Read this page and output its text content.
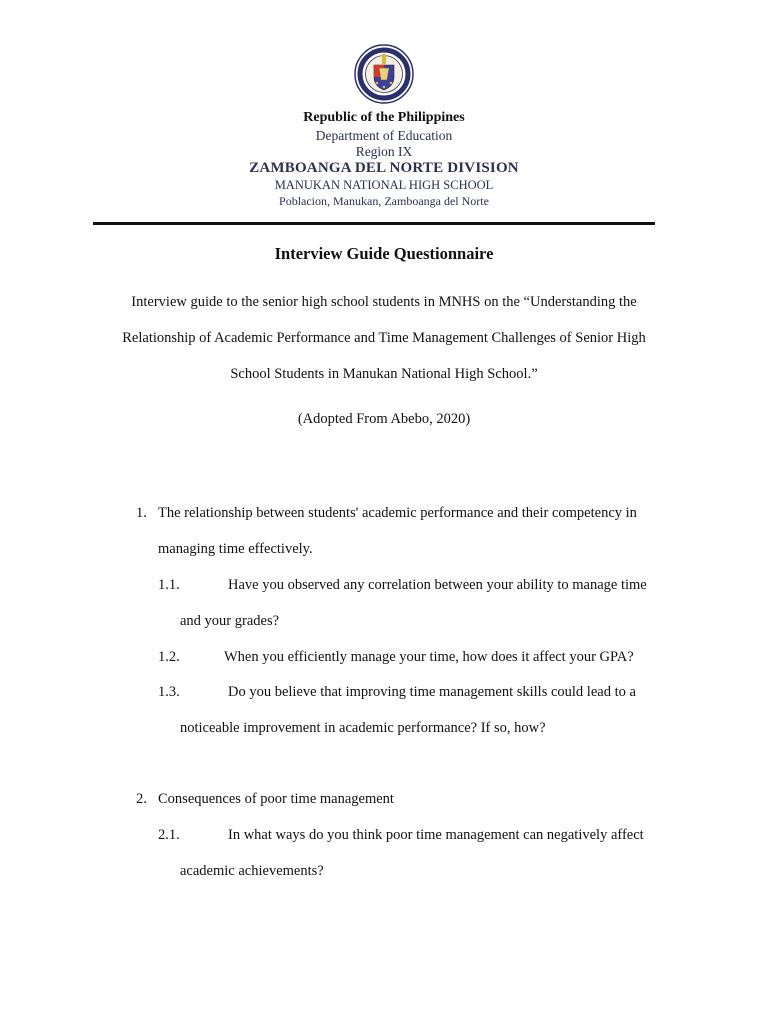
Republic of the Philippines
Department of Education
Region IX
ZAMBOANGA DEL NORTE DIVISION
MANUKAN NATIONAL HIGH SCHOOL
Poblacion, Manukan, Zamboanga del Norte
Interview Guide Questionnaire
Interview guide to the senior high school students in MNHS on the “Understanding the
Relationship of Academic Performance and Time Management Challenges of Senior High
School Students in Manukan National High School.”
(Adopted From Abebo, 2020)
1. The relationship between students' academic performance and their competency in
managing time effectively.
1.1.	Have you observed any correlation between your ability to manage time
and your grades?
1.2.	When you efficiently manage your time, how does it affect your GPA?
1.3.	Do you believe that improving time management skills could lead to a
noticeable improvement in academic performance? If so, how?
2. Consequences of poor time management
2.1.	In what ways do you think poor time management can negatively affect
academic achievements?
